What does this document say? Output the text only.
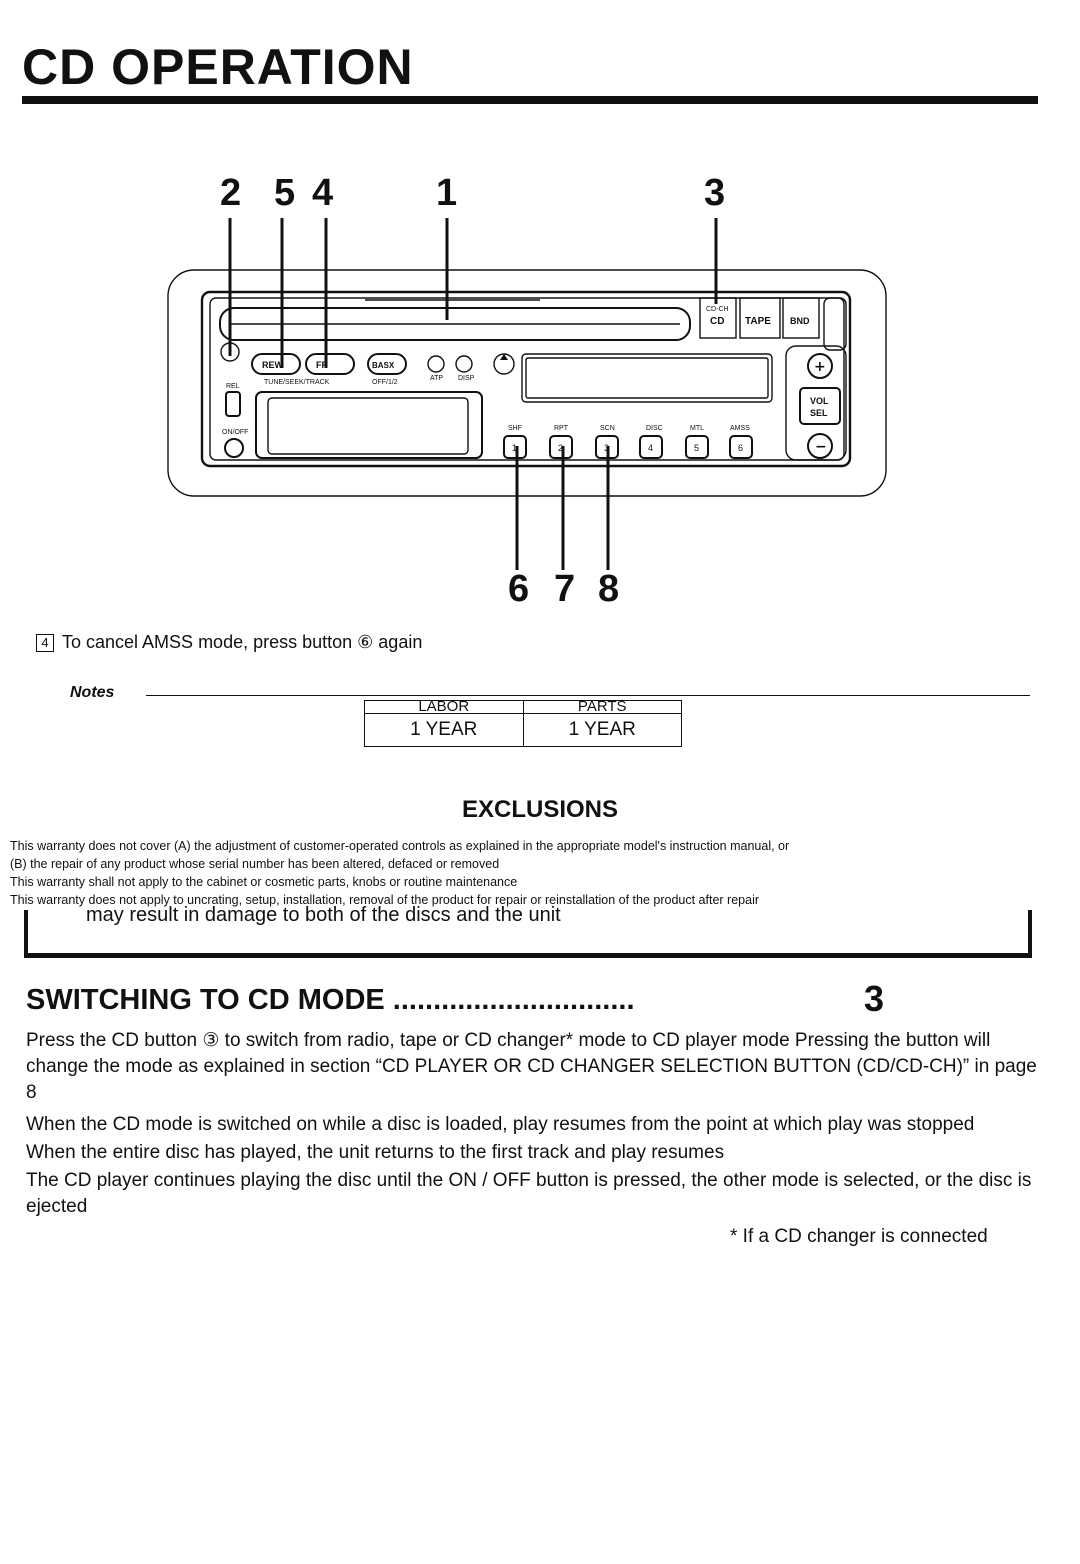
CD OPERATION
2 5 4	1	3
6 7 8
CD-CH
CD TAPE BND
REW	FF	BASX
TUNE/SEEK/TRACK	OFF/1/2
ATP DISP
REL
ON/OFF
VOL
SEL
SHF	RPT	SCN	DISC	MTL	AMSS
1	2	3	4	5	6
+
−
4 To cancel AMSS mode, press button ⑥ again
Notes
LABOR	PARTS
1 YEAR	1 YEAR
EXCLUSIONS
This warranty does not cover (A) the adjustment of customer-operated controls as explained in the appropriate model's instruction manual, or
(B) the repair of any product whose serial number has been altered, defaced or removed
This warranty shall not apply to the cabinet or cosmetic parts, knobs or routine maintenance
This warranty does not apply to uncrating, setup, installation, removal of the product for repair or reinstallation of the product after repair
may result in damage to both of the discs and the unit
SWITCHING TO CD MODE ..............................	3
Press the CD button ③ to switch from radio, tape or CD changer* mode to CD player mode Pressing the button will change the mode as explained in section “CD PLAYER OR CD CHANGER SELECTION BUTTON (CD/CD-CH)” in page 8
When the CD mode is switched on while a disc is loaded, play resumes from the point at which play was stopped
When the entire disc has played, the unit returns to the first track and play resumes
The CD player continues playing the disc until the ON / OFF button is pressed, the other mode is selected, or the disc is ejected
* If a CD changer is connected
